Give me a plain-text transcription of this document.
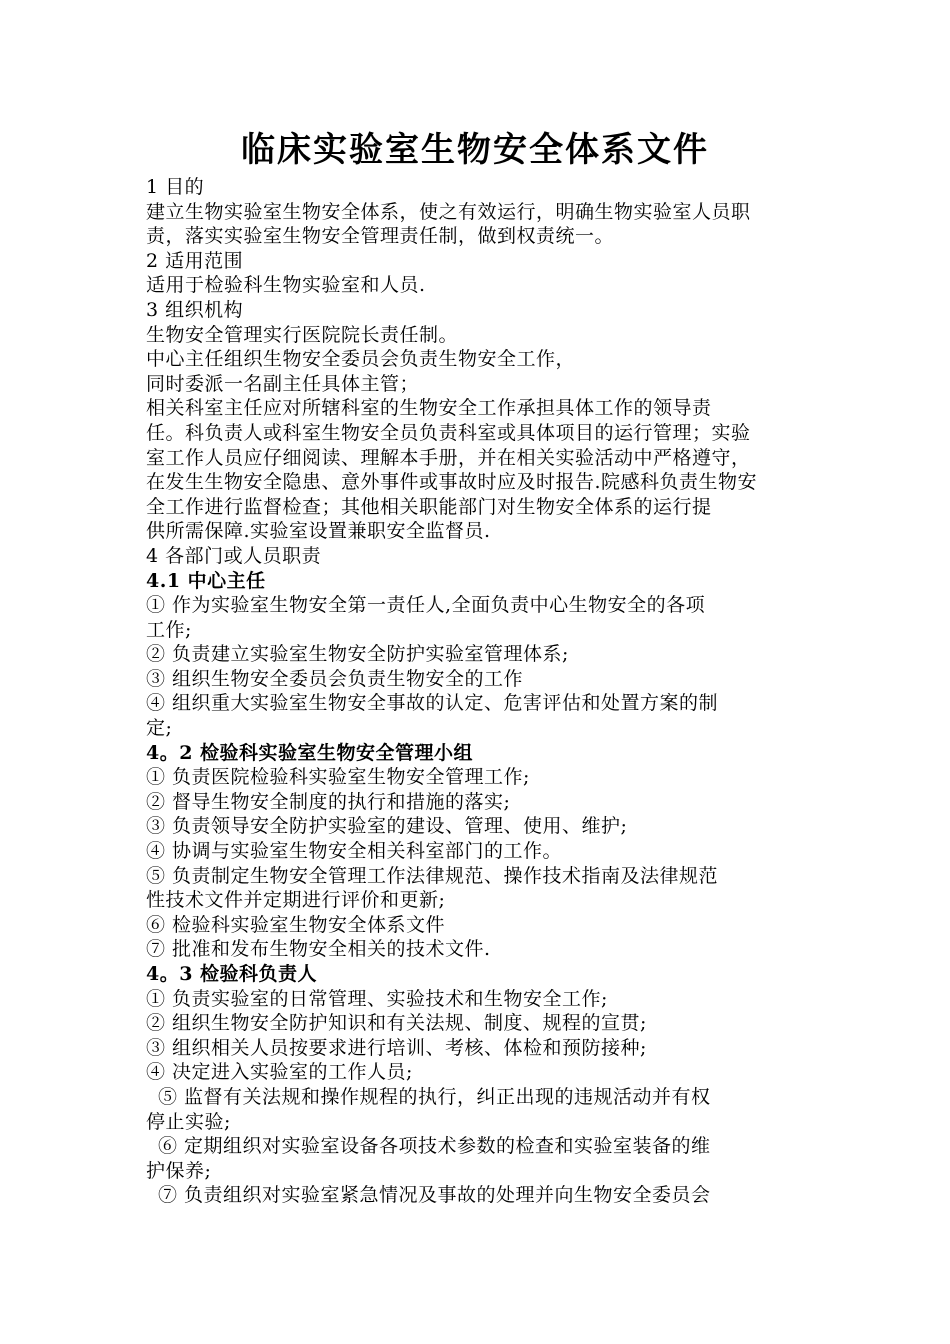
临床实验室生物安全体系文件
1 目的
建立生物实验室生物安全体系，使之有效运行，明确生物实验室人员职
责，落实实验室生物安全管理责任制，做到权责统一。
2 适用范围
适用于检验科生物实验室和人员.
3 组织机构
生物安全管理实行医院院长责任制。
中心主任组织生物安全委员会负责生物安全工作，
同时委派一名副主任具体主管；
相关科室主任应对所辖科室的生物安全工作承担具体工作的领导责
任。科负责人或科室生物安全员负责科室或具体项目的运行管理；实验
室工作人员应仔细阅读、理解本手册，并在相关实验活动中严格遵守，
在发生生物安全隐患、意外事件或事故时应及时报告.院感科负责生物安
全工作进行监督检查；其他相关职能部门对生物安全体系的运行提
供所需保障.实验室设置兼职安全监督员.
4 各部门或人员职责
4.1 中心主任
① 作为实验室生物安全第一责任人,全面负责中心生物安全的各项
工作;
② 负责建立实验室生物安全防护实验室管理体系;
③ 组织生物安全委员会负责生物安全的工作
④ 组织重大实验室生物安全事故的认定、危害评估和处置方案的制
定;
4。2 检验科实验室生物安全管理小组
① 负责医院检验科实验室生物安全管理工作;
② 督导生物安全制度的执行和措施的落实;
③ 负责领导安全防护实验室的建设、管理、使用、维护;
④ 协调与实验室生物安全相关科室部门的工作。
⑤ 负责制定生物安全管理工作法律规范、操作技术指南及法律规范
性技术文件并定期进行评价和更新;
⑥ 检验科实验室生物安全体系文件
⑦ 批准和发布生物安全相关的技术文件.
4。3 检验科负责人
① 负责实验室的日常管理、实验技术和生物安全工作;
② 组织生物安全防护知识和有关法规、制度、规程的宣贯;
③ 组织相关人员按要求进行培训、考核、体检和预防接种;
④ 决定进入实验室的工作人员;
⑤ 监督有关法规和操作规程的执行，纠正出现的违规活动并有权
停止实验;
⑥ 定期组织对实验室设备各项技术参数的检查和实验室装备的维
护保养;
⑦ 负责组织对实验室紧急情况及事故的处理并向生物安全委员会
